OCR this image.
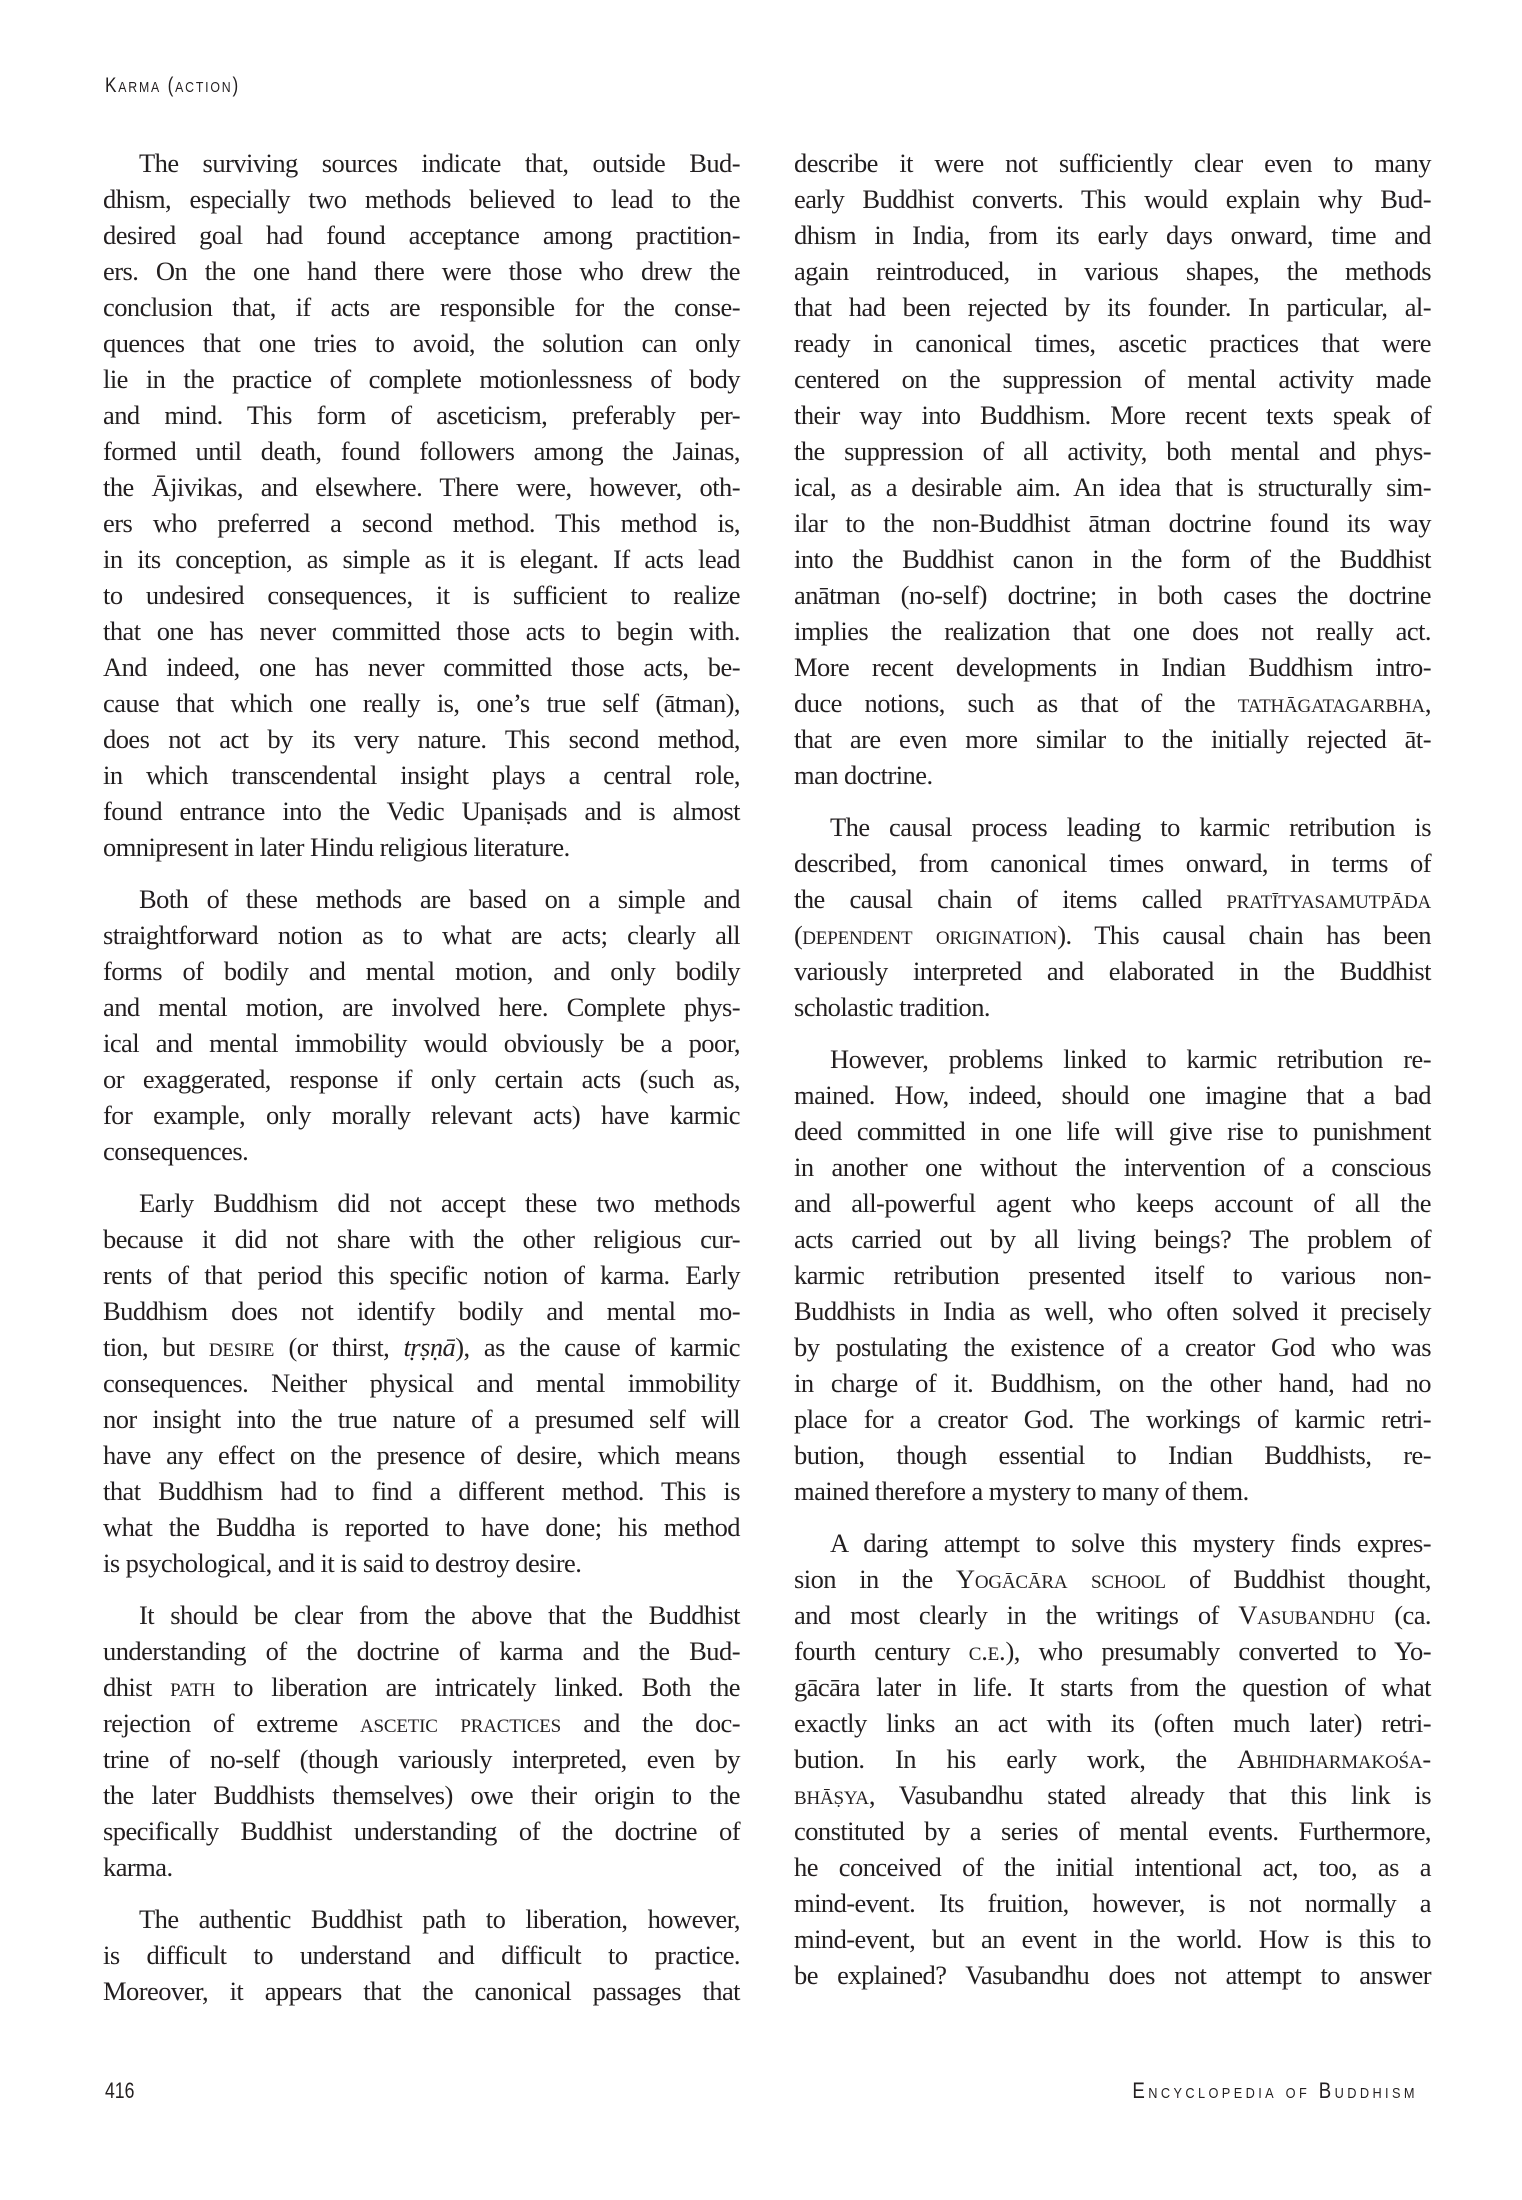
Karma (action)
The surviving sources indicate that, outside Bud-
dhism, especially two methods believed to lead to the
desired goal had found acceptance among practition-
ers. On the one hand there were those who drew the
conclusion that, if acts are responsible for the conse-
quences that one tries to avoid, the solution can only
lie in the practice of complete motionlessness of body
and mind. This form of asceticism, preferably per-
formed until death, found followers among the Jainas,
the Ājivikas, and elsewhere. There were, however, oth-
ers who preferred a second method. This method is,
in its conception, as simple as it is elegant. If acts lead
to undesired consequences, it is sufficient to realize
that one has never committed those acts to begin with.
And indeed, one has never committed those acts, be-
cause that which one really is, one’s true self (ātman),
does not act by its very nature. This second method,
in which transcendental insight plays a central role,
found entrance into the Vedic Upaniṣads and is almost
omnipresent in later Hindu religious literature.
Both of these methods are based on a simple and
straightforward notion as to what are acts; clearly all
forms of bodily and mental motion, and only bodily
and mental motion, are involved here. Complete phys-
ical and mental immobility would obviously be a poor,
or exaggerated, response if only certain acts (such as,
for example, only morally relevant acts) have karmic
consequences.
Early Buddhism did not accept these two methods
because it did not share with the other religious cur-
rents of that period this specific notion of karma. Early
Buddhism does not identify bodily and mental mo-
tion, but desire (or thirst, tṛṣṇā), as the cause of karmic
consequences. Neither physical and mental immobility
nor insight into the true nature of a presumed self will
have any effect on the presence of desire, which means
that Buddhism had to find a different method. This is
what the Buddha is reported to have done; his method
is psychological, and it is said to destroy desire.
It should be clear from the above that the Buddhist
understanding of the doctrine of karma and the Bud-
dhist path to liberation are intricately linked. Both the
rejection of extreme ascetic practices and the doc-
trine of no-self (though variously interpreted, even by
the later Buddhists themselves) owe their origin to the
specifically Buddhist understanding of the doctrine of
karma.
The authentic Buddhist path to liberation, however,
is difficult to understand and difficult to practice.
Moreover, it appears that the canonical passages that
describe it were not sufficiently clear even to many
early Buddhist converts. This would explain why Bud-
dhism in India, from its early days onward, time and
again reintroduced, in various shapes, the methods
that had been rejected by its founder. In particular, al-
ready in canonical times, ascetic practices that were
centered on the suppression of mental activity made
their way into Buddhism. More recent texts speak of
the suppression of all activity, both mental and phys-
ical, as a desirable aim. An idea that is structurally sim-
ilar to the non-Buddhist ātman doctrine found its way
into the Buddhist canon in the form of the Buddhist
anātman (no-self) doctrine; in both cases the doctrine
implies the realization that one does not really act.
More recent developments in Indian Buddhism intro-
duce notions, such as that of the tathāgatagarbha,
that are even more similar to the initially rejected āt-
man doctrine.
The causal process leading to karmic retribution is
described, from canonical times onward, in terms of
the causal chain of items called pratītyasamutpāda
(dependent origination). This causal chain has been
variously interpreted and elaborated in the Buddhist
scholastic tradition.
However, problems linked to karmic retribution re-
mained. How, indeed, should one imagine that a bad
deed committed in one life will give rise to punishment
in another one without the intervention of a conscious
and all-powerful agent who keeps account of all the
acts carried out by all living beings? The problem of
karmic retribution presented itself to various non-
Buddhists in India as well, who often solved it precisely
by postulating the existence of a creator God who was
in charge of it. Buddhism, on the other hand, had no
place for a creator God. The workings of karmic retri-
bution, though essential to Indian Buddhists, re-
mained therefore a mystery to many of them.
A daring attempt to solve this mystery finds expres-
sion in the Yogācāra school of Buddhist thought,
and most clearly in the writings of Vasubandhu (ca.
fourth century c.e.), who presumably converted to Yo-
gācāra later in life. It starts from the question of what
exactly links an act with its (often much later) retri-
bution. In his early work, the Abhidharmakośa-
bhāṣya, Vasubandhu stated already that this link is
constituted by a series of mental events. Furthermore,
he conceived of the initial intentional act, too, as a
mind-event. Its fruition, however, is not normally a
mind-event, but an event in the world. How is this to
be explained? Vasubandhu does not attempt to answer
416	Encyclopedia of Buddhism
